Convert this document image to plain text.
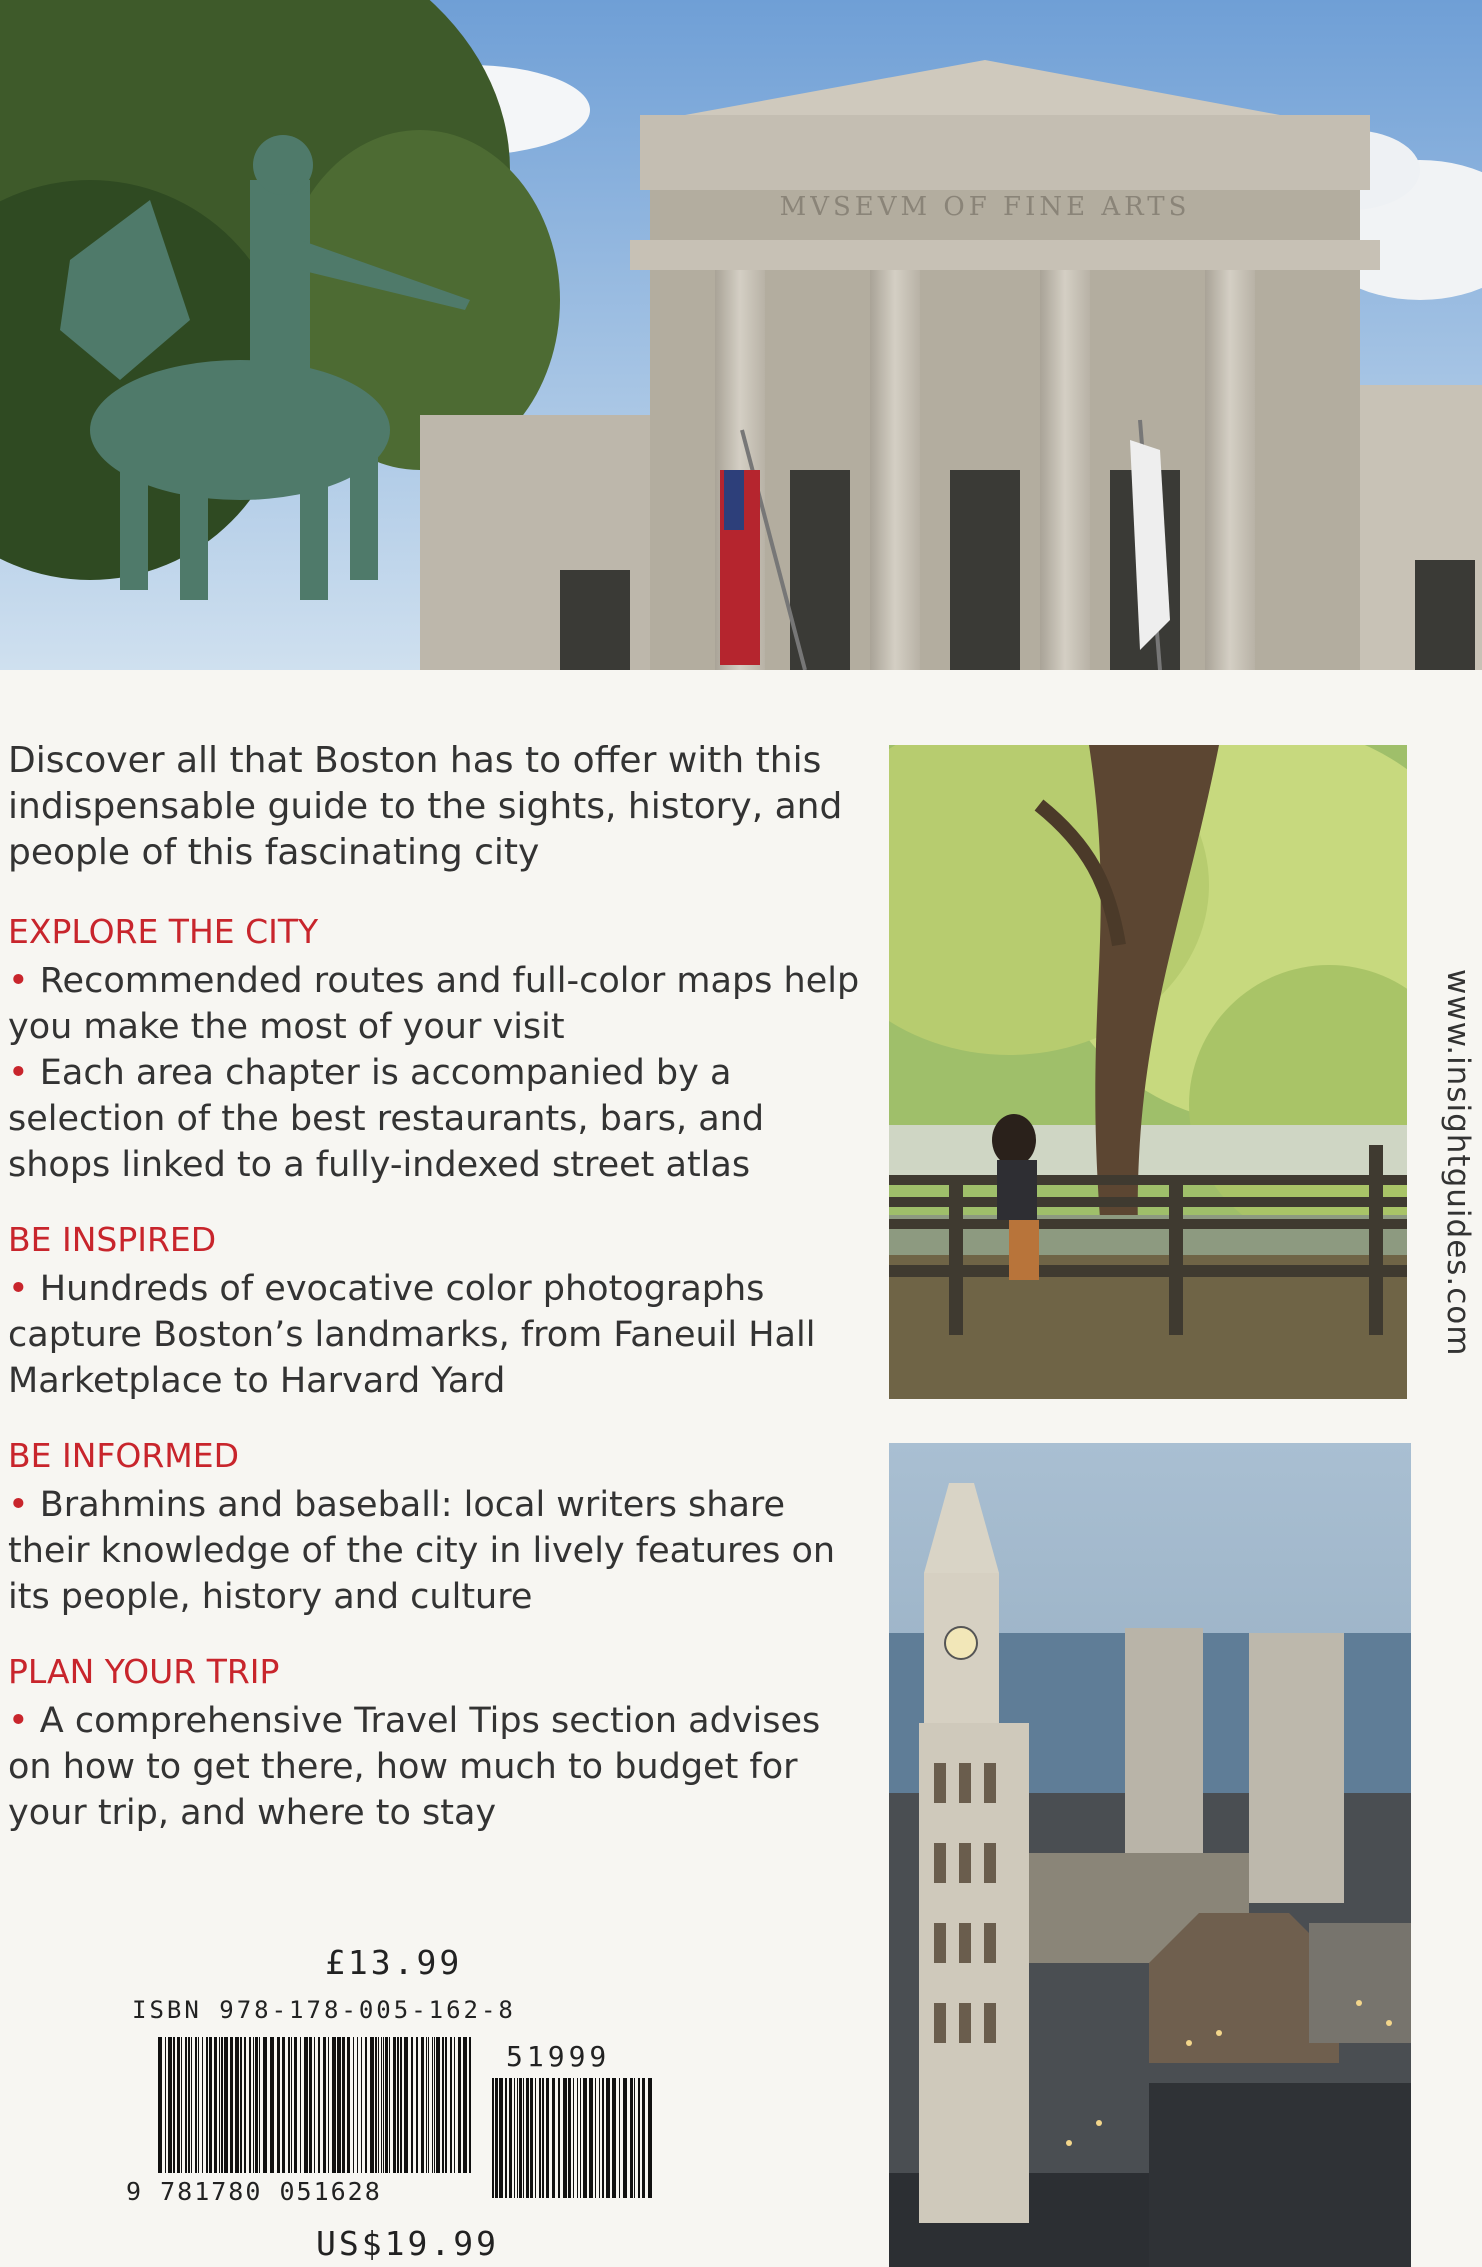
MVSEVM OF FINE ARTS

Discover all that Boston has to offer with this indispensable guide to the sights, history, and people of this fascinating city

EXPLORE THE CITY

• Recommended routes and full-color maps help you make the most of your visit

• Each area chapter is accompanied by a selection of the best restaurants, bars, and shops linked to a fully-indexed street atlas

BE INSPIRED

• Hundreds of evocative color photographs capture Boston’s landmarks, from Faneuil Hall Marketplace to Harvard Yard

BE INFORMED

• Brahmins and baseball: local writers share their knowledge of the city in lively features on its people, history and culture

PLAN YOUR TRIP

• A comprehensive Travel Tips section advises on how to get there, how much to budget for your trip, and where to stay

www.insightguides.com
£13.99
ISBN 978-178-005-162-8
51999
9 781780 051628
US$19.99
